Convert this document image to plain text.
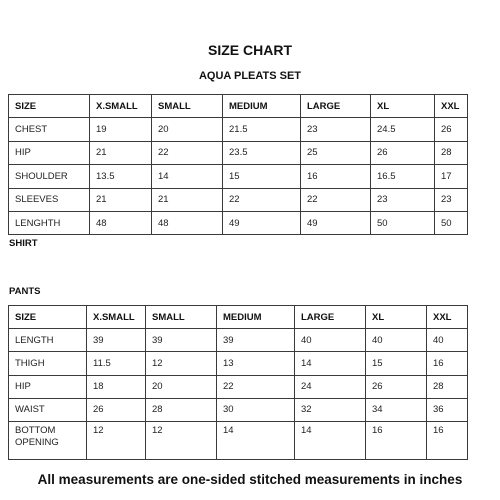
SIZE CHART
AQUA PLEATS SET
SIZE	X.SMALL	SMALL	MEDIUM	LARGE	XL	XXL
CHEST	19	20	21.5	23	24.5	26
HIP	21	22	23.5	25	26	28
SHOULDER	13.5	14	15	16	16.5	17
SLEEVES	21	21	22	22	23	23
LENGHTH	48	48	49	49	50	50
SHIRT
PANTS
SIZE	X.SMALL	SMALL	MEDIUM	LARGE	XL	XXL
LENGTH	39	39	39	40	40	40
THIGH	11.5	12	13	14	15	16
HIP	18	20	22	24	26	28
WAIST	26	28	30	32	34	36
BOTTOM OPENING	12	12	14	14	16	16
All measurements are one-sided stitched measurements in inches
